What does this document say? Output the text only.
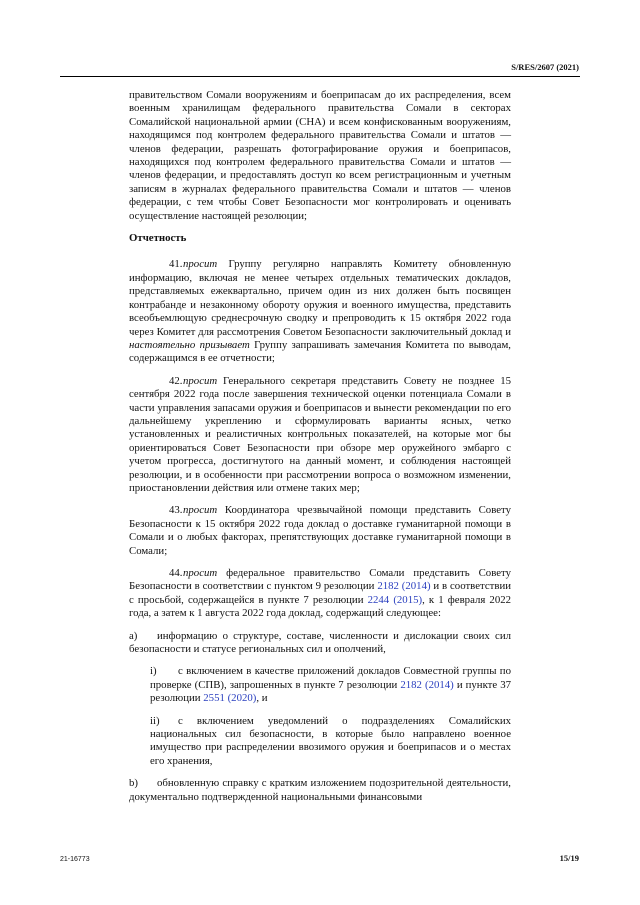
S/RES/2607 (2021)

правительством Сомали вооружениям и боеприпасам до их распределения, всем военным хранилищам федерального правительства Сомали в секторах Сомалийской национальной армии (СНА) и всем конфискованным вооружениям, находящимся под контролем федерального правительства Сомали и штатов — членов федерации, разрешать фотографирование оружия и боеприпасов, находящихся под контролем федерального правительства Сомали и штатов — членов федерации, и предоставлять доступ ко всем регистрационным и учетным записям в журналах федерального правительства Сомали и штатов — членов федерации, с тем чтобы Совет Безопасности мог контролировать и оценивать осуществление настоящей резолюции;

Отчетность

41.просит Группу регулярно направлять Комитету обновленную информацию, включая не менее четырех отдельных тематических докладов, представляемых ежеквартально, причем один из них должен быть посвящен контрабанде и незаконному обороту оружия и военного имущества, представить всеобъемлющую среднесрочную сводку и препроводить к 15 октября 2022 года через Комитет для рассмотрения Советом Безопасности заключительный доклад и настоятельно призывает Группу запрашивать замечания Комитета по выводам, содержащимся в ее отчетности;

42.просит Генерального секретаря представить Совету не позднее 15 сентября 2022 года после завершения технической оценки потенциала Сомали в части управления запасами оружия и боеприпасов и вынести рекомендации по его дальнейшему укреплению и сформулировать варианты ясных, четко установленных и реалистичных контрольных показателей, на которые мог бы ориентироваться Совет Безопасности при обзоре мер оружейного эмбарго с учетом прогресса, достигнутого на данный момент, и соблюдения настоящей резолюции, и в особенности при рассмотрении вопроса о возможном изменении, приостановлении действия или отмене таких мер;

43.просит Координатора чрезвычайной помощи представить Совету Безопасности к 15 октября 2022 года доклад о доставке гуманитарной помощи в Сомали и о любых факторах, препятствующих доставке гуманитарной помощи в Сомали;

44.просит федеральное правительство Сомали представить Совету Безопасности в соответствии с пунктом 9 резолюции 2182 (2014) и в соответствии с просьбой, содержащейся в пункте 7 резолюции 2244 (2015), к 1 февраля 2022 года, а затем к 1 августа 2022 года доклад, содержащий следующее:

a) информацию о структуре, составе, численности и дислокации своих сил безопасности и статусе региональных сил и ополчений,

i) с включением в качестве приложений докладов Совместной группы по проверке (СПВ), запрошенных в пункте 7 резолюции 2182 (2014) и пункте 37 резолюции 2551 (2020), и

ii) с включением уведомлений о подразделениях Сомалийских национальных сил безопасности, в которые было направлено военное имущество при распределении ввозимого оружия и боеприпасов и о местах его хранения,

b) обновленную справку с кратким изложением подозрительной деятельности, документально подтвержденной национальными финансовыми

21-16773	15/19
